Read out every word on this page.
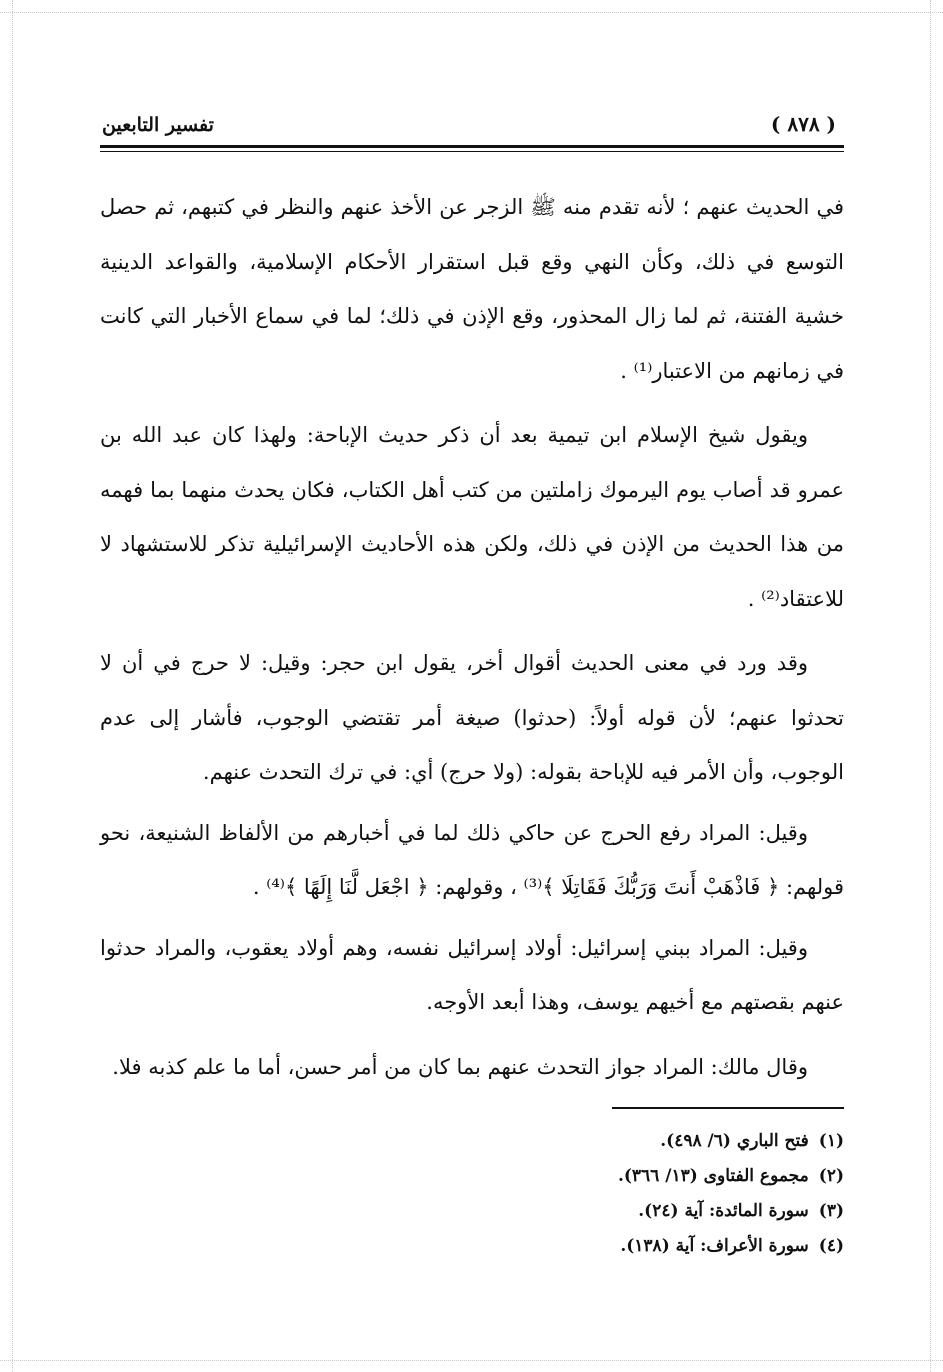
تفسير التابعين	( ٨٧٨ )

في الحديث عنهم ؛ لأنه تقدم منه ﷺ الزجر عن الأخذ عنهم والنظر في كتبهم، ثم حصل التوسع في ذلك، وكأن النهي وقع قبل استقرار الأحكام الإسلامية، والقواعد الدينية خشية الفتنة، ثم لما زال المحذور، وقع الإذن في ذلك؛ لما في سماع الأخبار التي كانت في زمانهم من الاعتبار⁽¹⁾ .

ويقول شيخ الإسلام ابن تيمية بعد أن ذكر حديث الإباحة: ولهذا كان عبد الله بن عمرو قد أصاب يوم اليرموك زاملتين من كتب أهل الكتاب، فكان يحدث منهما بما فهمه من هذا الحديث من الإذن في ذلك، ولكن هذه الأحاديث الإسرائيلية تذكر للاستشهاد لا للاعتقاد⁽²⁾ .

وقد ورد في معنى الحديث أقوال أخر، يقول ابن حجر: وقيل: لا حرج في أن لا تحدثوا عنهم؛ لأن قوله أولاً: (حدثوا) صيغة أمر تقتضي الوجوب، فأشار إلى عدم الوجوب، وأن الأمر فيه للإباحة بقوله: (ولا حرج) أي: في ترك التحدث عنهم.

وقيل: المراد رفع الحرج عن حاكي ذلك لما في أخبارهم من الألفاظ الشنيعة، نحو قولهم: ﴿ فَاذْهَبْ أَنتَ وَرَبُّكَ فَقَاتِلَا ﴾⁽³⁾ ، وقولهم: ﴿ اجْعَل لَّنَا إِلَهًا ﴾⁽⁴⁾ .

وقيل: المراد ببني إسرائيل: أولاد إسرائيل نفسه، وهم أولاد يعقوب، والمراد حدثوا عنهم بقصتهم مع أخيهم يوسف، وهذا أبعد الأوجه.

وقال مالك: المراد جواز التحدث عنهم بما كان من أمر حسن، أما ما علم كذبه فلا.

(١)فتح الباري (٦/ ٤٩٨).
(٢)مجموع الفتاوى (١٣/ ٣٦٦).
(٣)سورة المائدة: آية (٢٤).
(٤)سورة الأعراف: آية (١٣٨).
